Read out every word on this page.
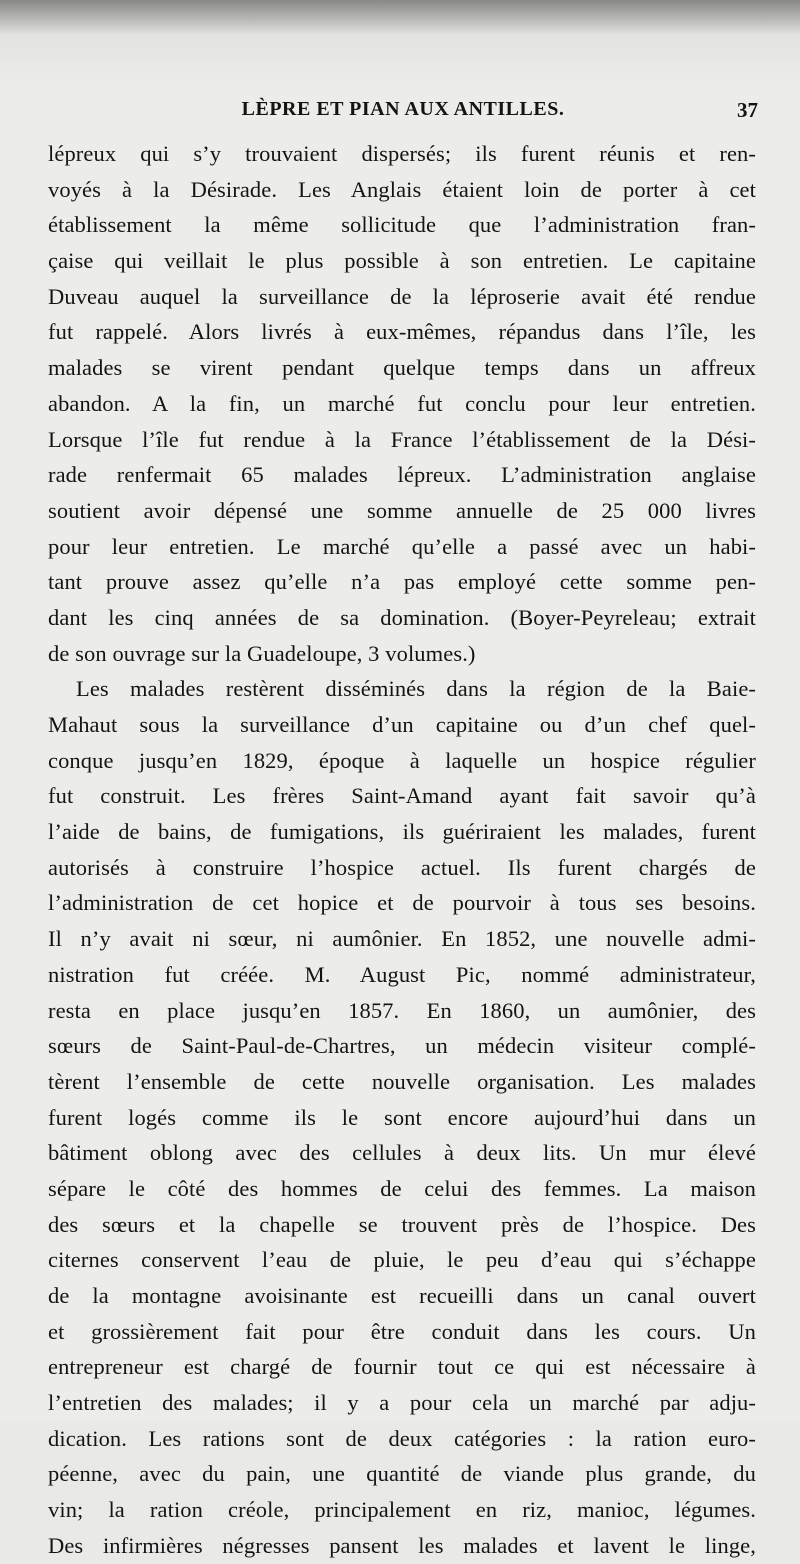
LÈPRE ET PIAN AUX ANTILLES.	37
lépreux qui s’y trouvaient dispersés; ils furent réunis et ren-
voyés à la Désirade. Les Anglais étaient loin de porter à cet
établissement la même sollicitude que l’administration fran-
çaise qui veillait le plus possible à son entretien. Le capitaine
Duveau auquel la surveillance de la léproserie avait été rendue
fut rappelé. Alors livrés à eux-mêmes, répandus dans l’île, les
malades se virent pendant quelque temps dans un affreux
abandon. A la fin, un marché fut conclu pour leur entretien.
Lorsque l’île fut rendue à la France l’établissement de la Dési-
rade renfermait 65 malades lépreux. L’administration anglaise
soutient avoir dépensé une somme annuelle de 25 000 livres
pour leur entretien. Le marché qu’elle a passé avec un habi-
tant prouve assez qu’elle n’a pas employé cette somme pen-
dant les cinq années de sa domination. (Boyer-Peyreleau; extrait
de son ouvrage sur la Guadeloupe, 3 volumes.)
Les malades restèrent disséminés dans la région de la Baie-
Mahaut sous la surveillance d’un capitaine ou d’un chef quel-
conque jusqu’en 1829, époque à laquelle un hospice régulier
fut construit. Les frères Saint-Amand ayant fait savoir qu’à
l’aide de bains, de fumigations, ils guériraient les malades, furent
autorisés à construire l’hospice actuel. Ils furent chargés de
l’administration de cet hopice et de pourvoir à tous ses besoins.
Il n’y avait ni sœur, ni aumônier. En 1852, une nouvelle admi-
nistration fut créée. M. August Pic, nommé administrateur,
resta en place jusqu’en 1857. En 1860, un aumônier, des
sœurs de Saint-Paul-de-Chartres, un médecin visiteur complé-
tèrent l’ensemble de cette nouvelle organisation. Les malades
furent logés comme ils le sont encore aujourd’hui dans un
bâtiment oblong avec des cellules à deux lits. Un mur élevé
sépare le côté des hommes de celui des femmes. La maison
des sœurs et la chapelle se trouvent près de l’hospice. Des
citernes conservent l’eau de pluie, le peu d’eau qui s’échappe
de la montagne avoisinante est recueilli dans un canal ouvert
et grossièrement fait pour être conduit dans les cours. Un
entrepreneur est chargé de fournir tout ce qui est nécessaire à
l’entretien des malades; il y a pour cela un marché par adju-
dication. Les rations sont de deux catégories : la ration euro-
péenne, avec du pain, une quantité de viande plus grande, du
vin; la ration créole, principalement en riz, manioc, légumes.
Des infirmières négresses pansent les malades et lavent le linge,
